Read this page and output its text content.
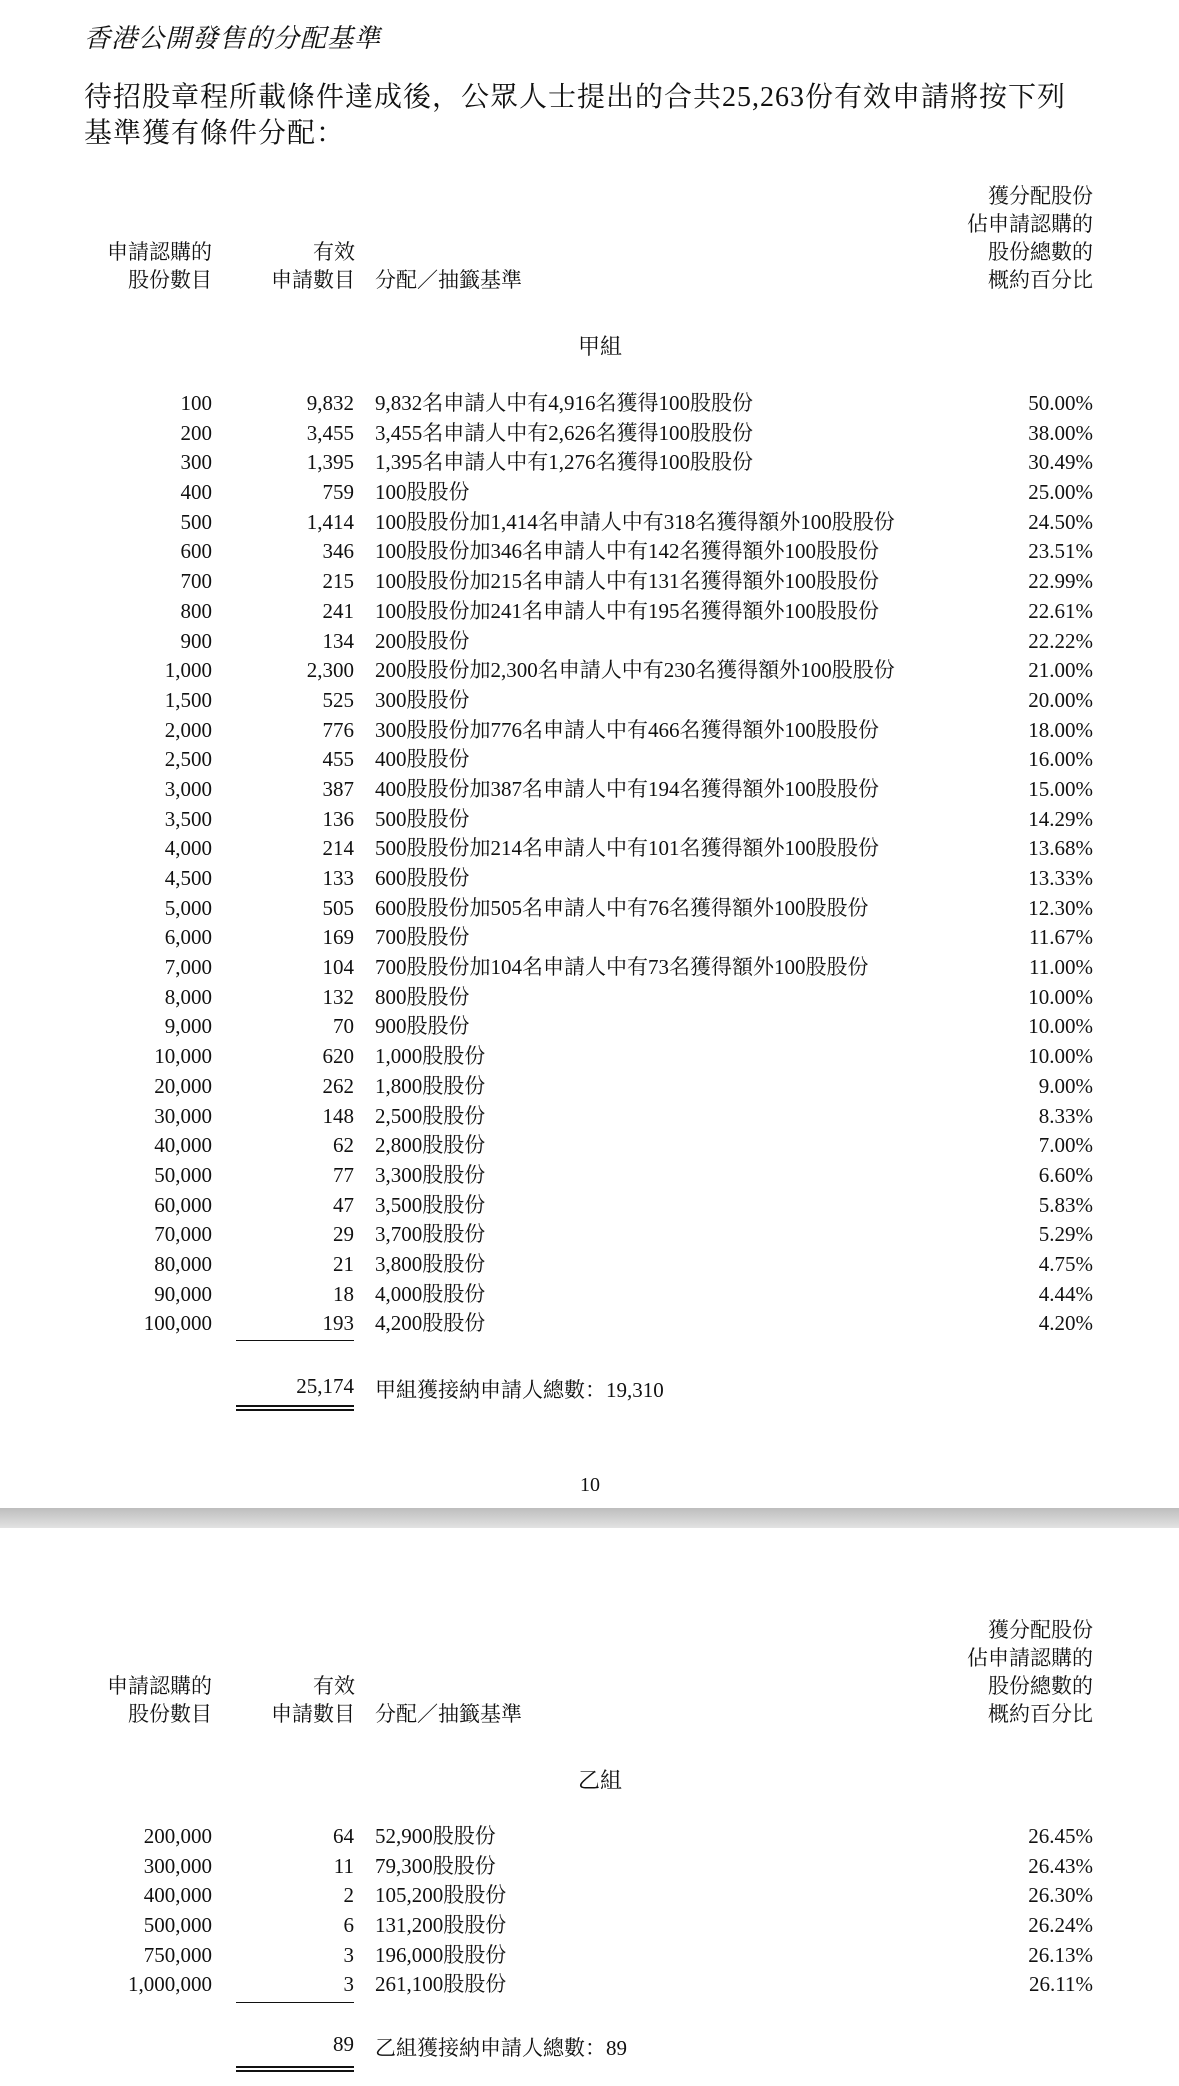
香港公開發售的分配基準
待招股章程所載條件達成後，公眾人士提出的合共25,263份有效申請將按下列基準獲有條件分配：
申請認購的
股份數目
有效
申請數目 分配／抽籤基準
獲分配股份
佔申請認購的
股份總數的
概約百分比
甲組
100	9,832 9,832名申請人中有4,916名獲得100股股份	50.00%
200	3,455 3,455名申請人中有2,626名獲得100股股份	38.00%
300	1,395 1,395名申請人中有1,276名獲得100股股份	30.49%
400	759 100股股份	25.00%
500	1,414 100股股份加1,414名申請人中有318名獲得額外100股股份	24.50%
600	346 100股股份加346名申請人中有142名獲得額外100股股份	23.51%
700	215 100股股份加215名申請人中有131名獲得額外100股股份	22.99%
800	241 100股股份加241名申請人中有195名獲得額外100股股份	22.61%
900	134 200股股份	22.22%
1,000	2,300 200股股份加2,300名申請人中有230名獲得額外100股股份	21.00%
1,500	525 300股股份	20.00%
2,000	776 300股股份加776名申請人中有466名獲得額外100股股份	18.00%
2,500	455 400股股份	16.00%
3,000	387 400股股份加387名申請人中有194名獲得額外100股股份	15.00%
3,500	136 500股股份	14.29%
4,000	214 500股股份加214名申請人中有101名獲得額外100股股份	13.68%
4,500	133 600股股份	13.33%
5,000	505 600股股份加505名申請人中有76名獲得額外100股股份	12.30%
6,000	169 700股股份	11.67%
7,000	104 700股股份加104名申請人中有73名獲得額外100股股份	11.00%
8,000	132 800股股份	10.00%
9,000	70 900股股份	10.00%
10,000	620 1,000股股份	10.00%
20,000	262 1,800股股份	9.00%
30,000	148 2,500股股份	8.33%
40,000	62 2,800股股份	7.00%
50,000	77 3,300股股份	6.60%
60,000	47 3,500股股份	5.83%
70,000	29 3,700股股份	5.29%
80,000	21 3,800股股份	4.75%
90,000	18 4,000股股份	4.44%
100,000	193 4,200股股份	4.20%
25,174 甲組獲接納申請人總數：19,310
10
申請認購的
股份數目
有效
申請數目 分配／抽籤基準
獲分配股份
佔申請認購的
股份總數的
概約百分比
乙組
200,000	64 52,900股股份	26.45%
300,000	11 79,300股股份	26.43%
400,000	2 105,200股股份	26.30%
500,000	6 131,200股股份	26.24%
750,000	3 196,000股股份	26.13%
1,000,000	3 261,100股股份	26.11%
89 乙組獲接納申請人總數：89
